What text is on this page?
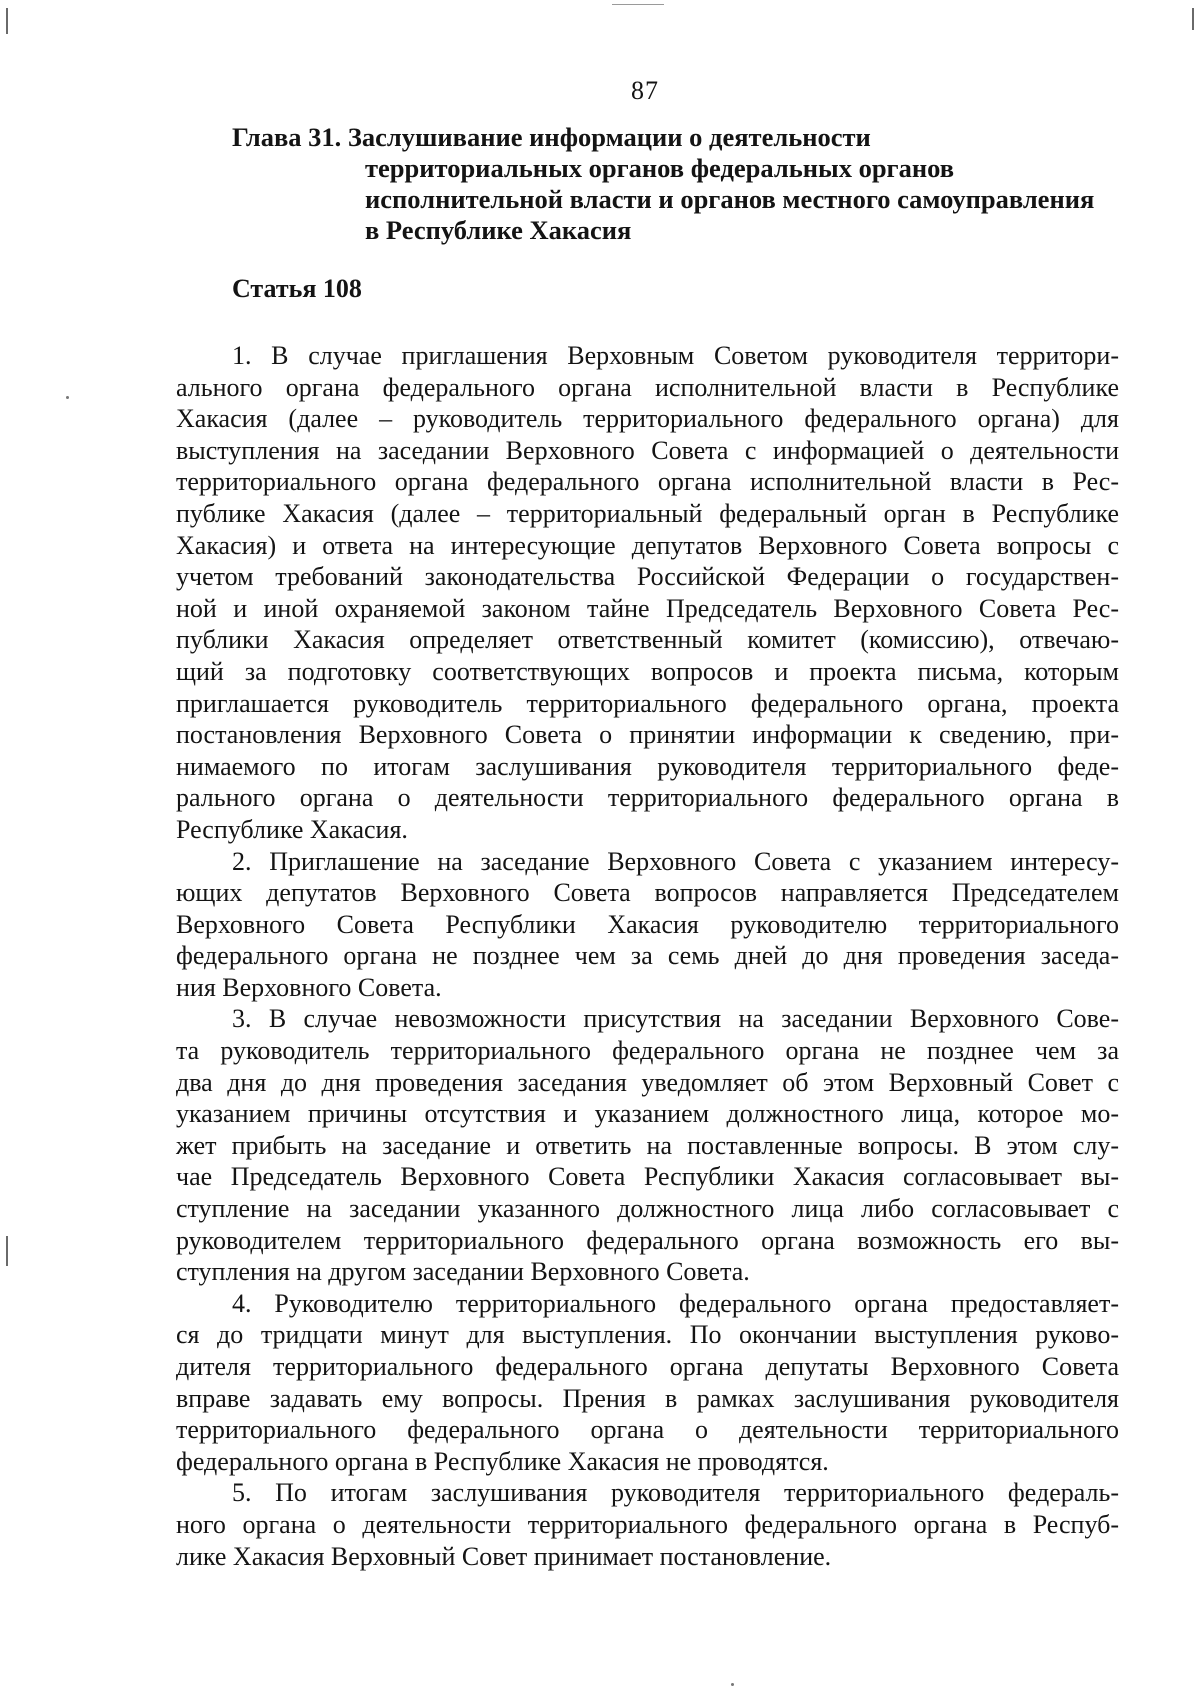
87
Глава 31. Заслушивание информации о деятельности
территориальных органов федеральных органов
исполнительной власти и органов местного самоуправления
в Республике Хакасия
Статья 108
1. В случае приглашения Верховным Советом руководителя территори-
ального органа федерального органа исполнительной власти в Республике
Хакасия (далее – руководитель территориального федерального органа) для
выступления на заседании Верховного Совета с информацией о деятельности
территориального органа федерального органа исполнительной власти в Рес-
публике Хакасия (далее – территориальный федеральный орган в Республике
Хакасия) и ответа на интересующие депутатов Верховного Совета вопросы с
учетом требований законодательства Российской Федерации о государствен-
ной и иной охраняемой законом тайне Председатель Верховного Совета Рес-
публики Хакасия определяет ответственный комитет (комиссию), отвечаю-
щий за подготовку соответствующих вопросов и проекта письма, которым
приглашается руководитель территориального федерального органа, проекта
постановления Верховного Совета о принятии информации к сведению, при-
нимаемого по итогам заслушивания руководителя территориального феде-
рального органа о деятельности территориального федерального органа в
Республике Хакасия.
2. Приглашение на заседание Верховного Совета с указанием интересу-
ющих депутатов Верховного Совета вопросов направляется Председателем
Верховного Совета Республики Хакасия руководителю территориального
федерального органа не позднее чем за семь дней до дня проведения заседа-
ния Верховного Совета.
3. В случае невозможности присутствия на заседании Верховного Сове-
та руководитель территориального федерального органа не позднее чем за
два дня до дня проведения заседания уведомляет об этом Верховный Совет с
указанием причины отсутствия и указанием должностного лица, которое мо-
жет прибыть на заседание и ответить на поставленные вопросы. В этом слу-
чае Председатель Верховного Совета Республики Хакасия согласовывает вы-
ступление на заседании указанного должностного лица либо согласовывает с
руководителем территориального федерального органа возможность его вы-
ступления на другом заседании Верховного Совета.
4. Руководителю территориального федерального органа предоставляет-
ся до тридцати минут для выступления. По окончании выступления руково-
дителя территориального федерального органа депутаты Верховного Совета
вправе задавать ему вопросы. Прения в рамках заслушивания руководителя
территориального федерального органа о деятельности территориального
федерального органа в Республике Хакасия не проводятся.
5. По итогам заслушивания руководителя территориального федераль-
ного органа о деятельности территориального федерального органа в Респуб-
лике Хакасия Верховный Совет принимает постановление.
